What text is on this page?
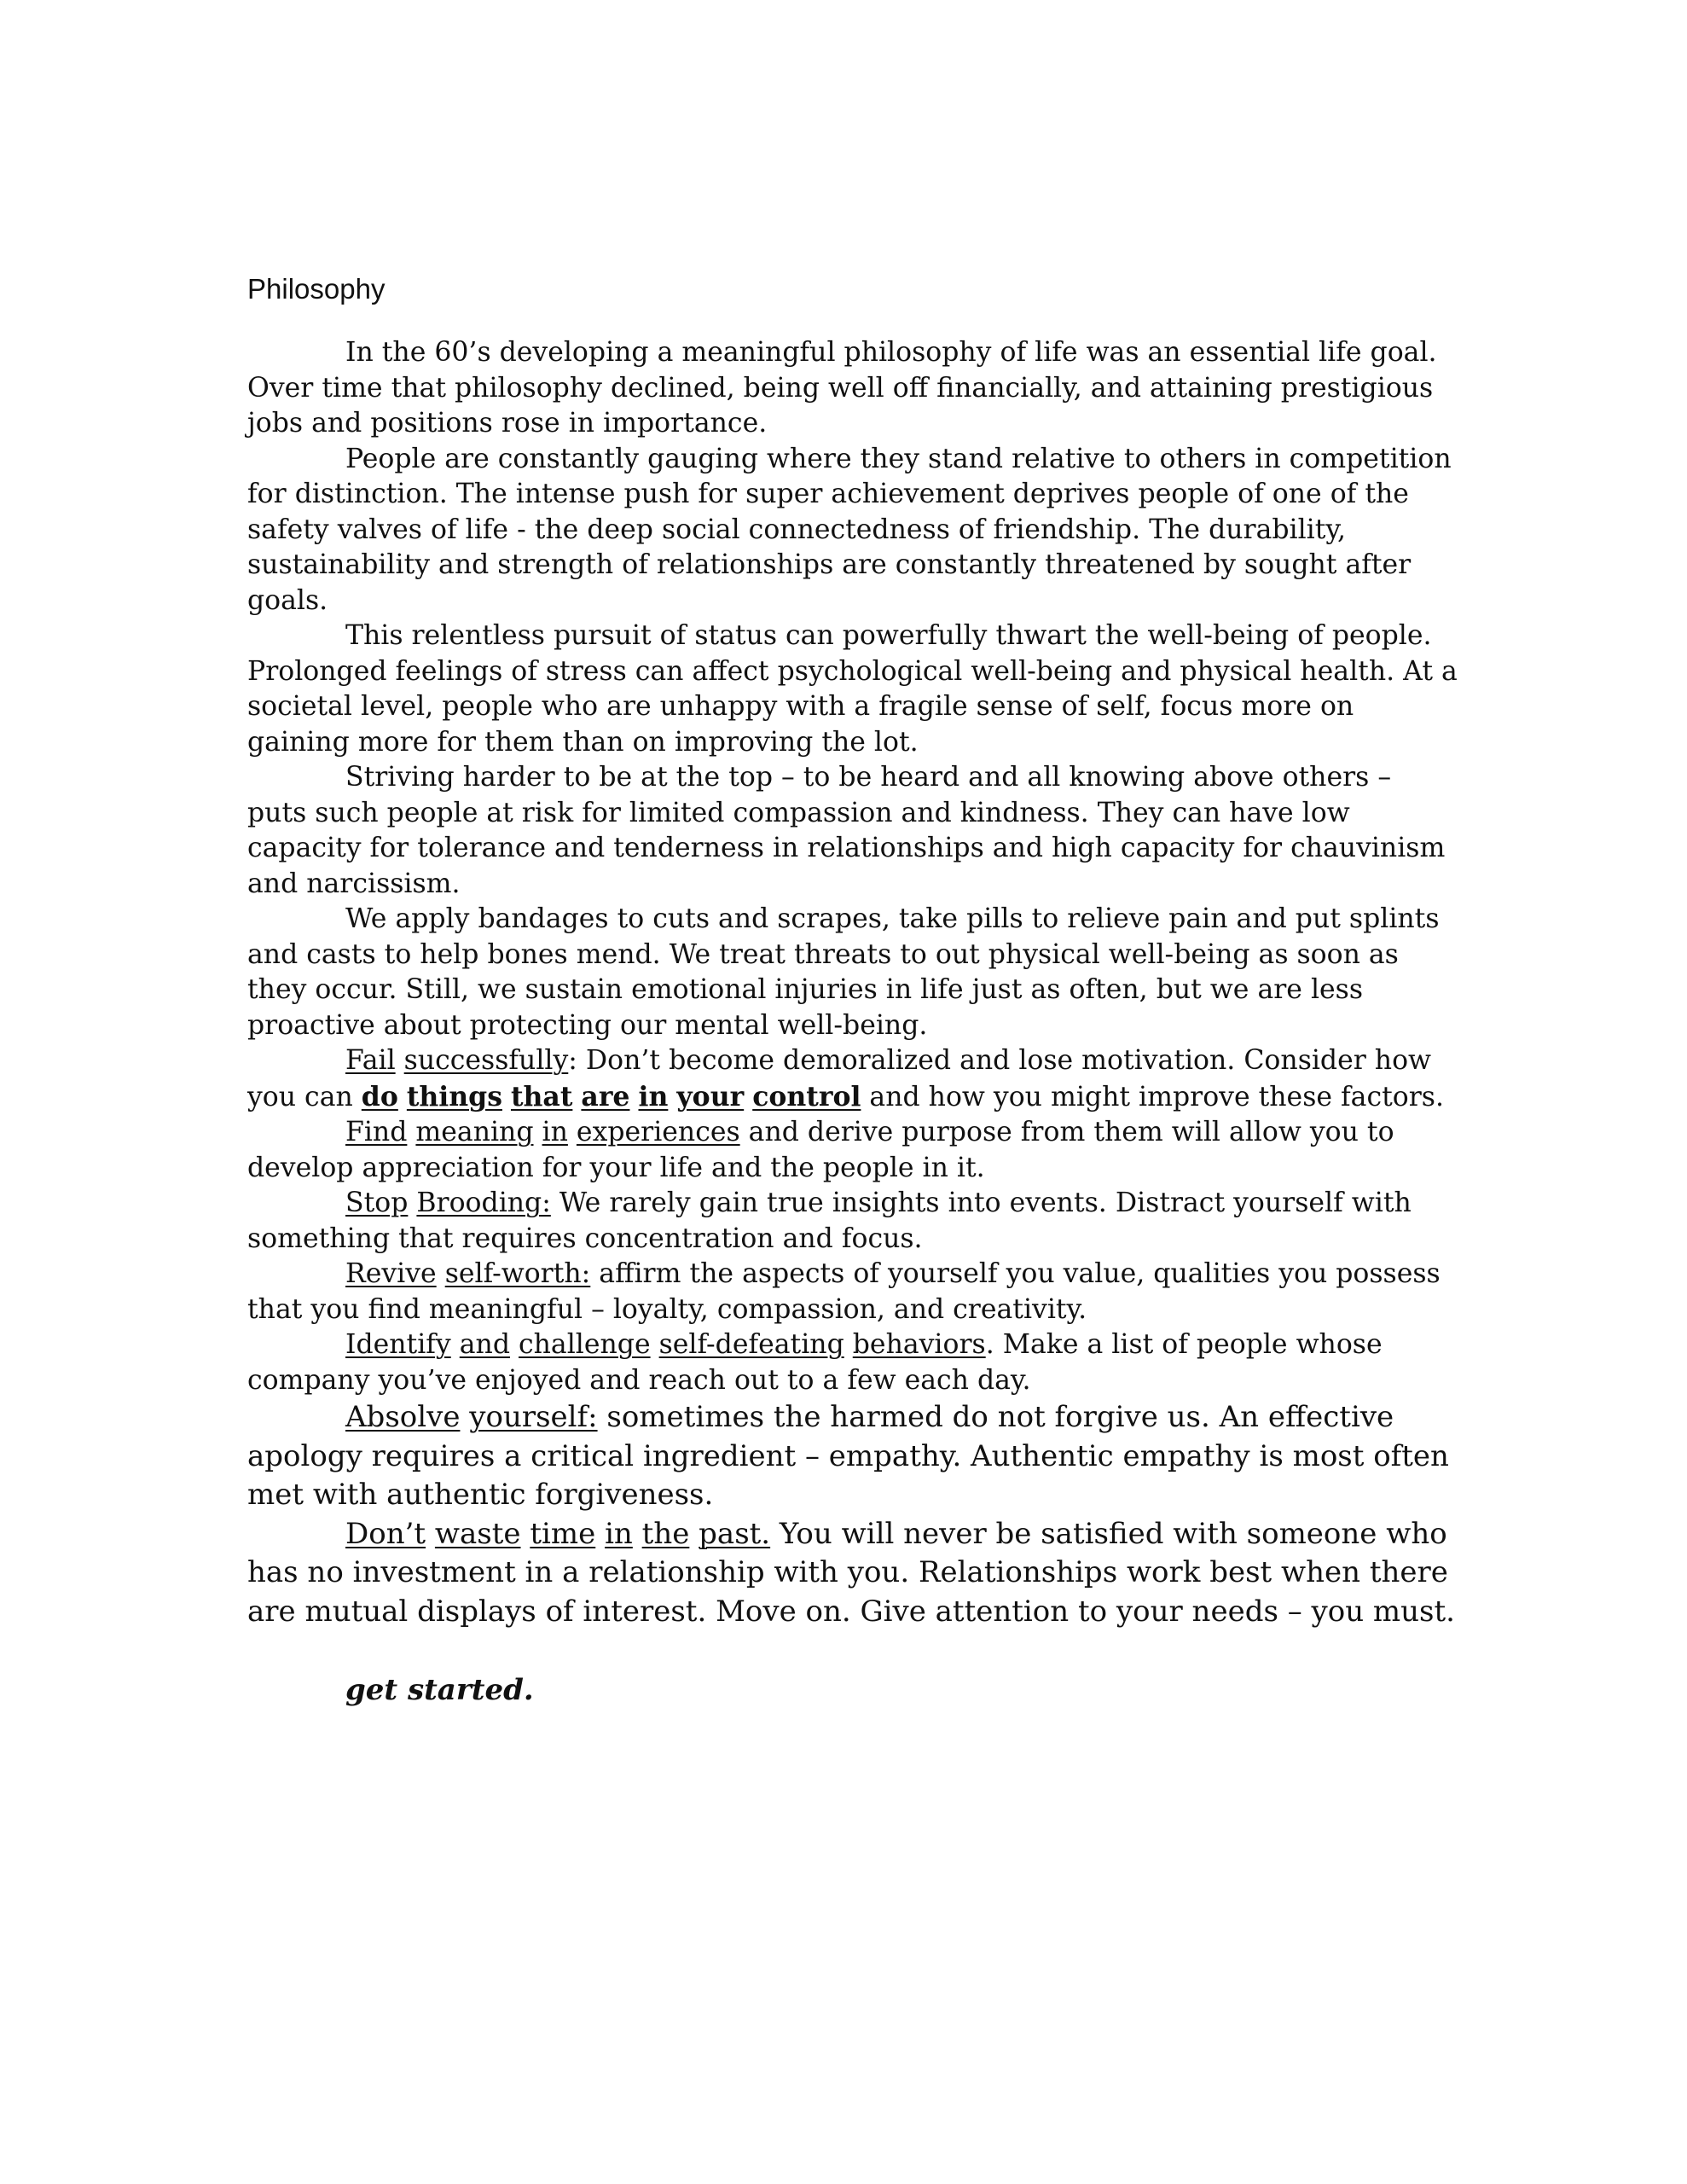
Philosophy

In the 60’s developing a meaningful philosophy of life was an essential life goal. Over time that philosophy declined, being well off financially, and attaining prestigious jobs and positions rose in importance.

People are constantly gauging where they stand relative to others in competition for distinction. The intense push for super achievement deprives people of one of the safety valves of life - the deep social connectedness of friendship. The durability, sustainability and strength of relationships are constantly threatened by sought after goals.

This relentless pursuit of status can powerfully thwart the well-being of people. Prolonged feelings of stress can affect psychological well-being and physical health. At a societal level, people who are unhappy with a fragile sense of self, focus more on gaining more for them than on improving the lot.

Striving harder to be at the top – to be heard and all knowing above others – puts such people at risk for limited compassion and kindness. They can have low capacity for tolerance and tenderness in relationships and high capacity for chauvinism and narcissism.

We apply bandages to cuts and scrapes, take pills to relieve pain and put splints and casts to help bones mend. We treat threats to out physical well-being as soon as they occur. Still, we sustain emotional injuries in life just as often, but we are less proactive about protecting our mental well-being.

Fail successfully: Don’t become demoralized and lose motivation. Consider how you can do things that are in your control and how you might improve these factors.

Find meaning in experiences and derive purpose from them will allow you to develop appreciation for your life and the people in it.

Stop Brooding: We rarely gain true insights into events. Distract yourself with something that requires concentration and focus.

Revive self-worth: affirm the aspects of yourself you value, qualities you possess that you find meaningful – loyalty, compassion, and creativity.

Identify and challenge self-defeating behaviors. Make a list of people whose company you’ve enjoyed and reach out to a few each day.

Absolve yourself: sometimes the harmed do not forgive us. An effective apology requires a critical ingredient – empathy. Authentic empathy is most often met with authentic forgiveness.

Don’t waste time in the past. You will never be satisfied with someone who has no investment in a relationship with you. Relationships work best when there are mutual displays of interest. Move on. Give attention to your needs – you must.

get started.
